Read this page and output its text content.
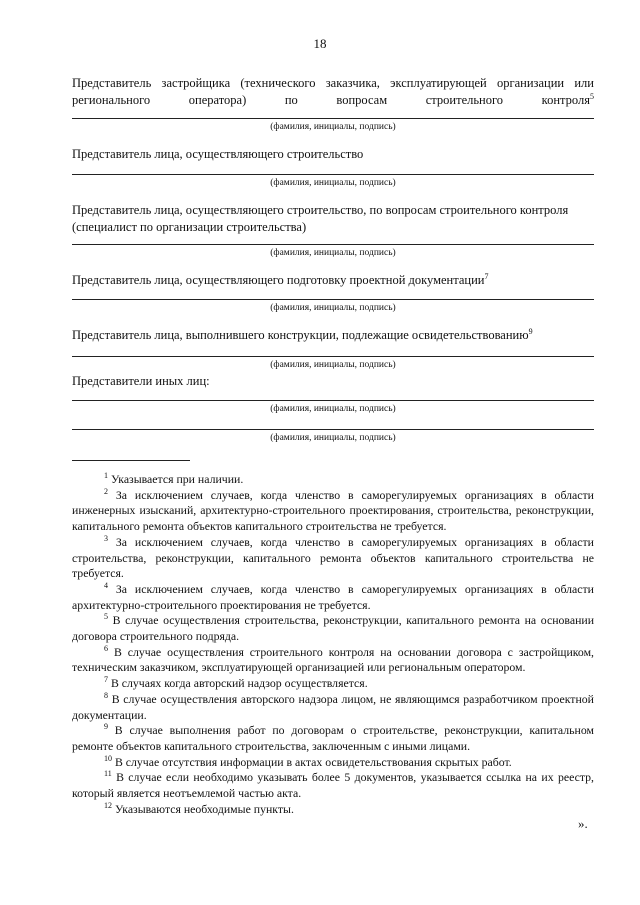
18
Представитель застройщика (технического заказчика, эксплуатирующей организации или регионального оператора) по вопросам строительного контроля$^5$
(фамилия, инициалы, подпись)
Представитель лица, осуществляющего строительство
(фамилия, инициалы, подпись)
Представитель лица, осуществляющего строительство, по вопросам строительного контроля (специалист по организации строительства)
(фамилия, инициалы, подпись)
Представитель лица, осуществляющего подготовку проектной документации$^7$
(фамилия, инициалы, подпись)
Представитель лица, выполнившего конструкции, подлежащие освидетельствованию$^9$
(фамилия, инициалы, подпись)
Представители иных лиц:
(фамилия, инициалы, подпись)
(фамилия, инициалы, подпись)
$^1$ Указывается при наличии.
$^2$ За исключением случаев, когда членство в саморегулируемых организациях в области инженерных изысканий, архитектурно-строительного проектирования, строительства, реконструкции, капитального ремонта объектов капитального строительства не требуется.
$^3$ За исключением случаев, когда членство в саморегулируемых организациях в области строительства, реконструкции, капитального ремонта объектов капитального строительства не требуется.
$^4$ За исключением случаев, когда членство в саморегулируемых организациях в области архитектурно-строительного проектирования не требуется.
$^5$ В случае осуществления строительства, реконструкции, капитального ремонта на основании договора строительного подряда.
$^6$ В случае осуществления строительного контроля на основании договора с застройщиком, техническим заказчиком, эксплуатирующей организацией или региональным оператором.
$^7$ В случаях когда авторский надзор осуществляется.
$^8$ В случае осуществления авторского надзора лицом, не являющимся разработчиком проектной документации.
$^9$ В случае выполнения работ по договорам о строительстве, реконструкции, капитальном ремонте объектов капитального строительства, заключенным с иными лицами.
$^{10}$ В случае отсутствия информации в актах освидетельствования скрытых работ.
$^{11}$ В случае если необходимо указывать более 5 документов, указывается ссылка на их реестр, который является неотъемлемой частью акта.
$^{12}$ Указываются необходимые пункты.
».
